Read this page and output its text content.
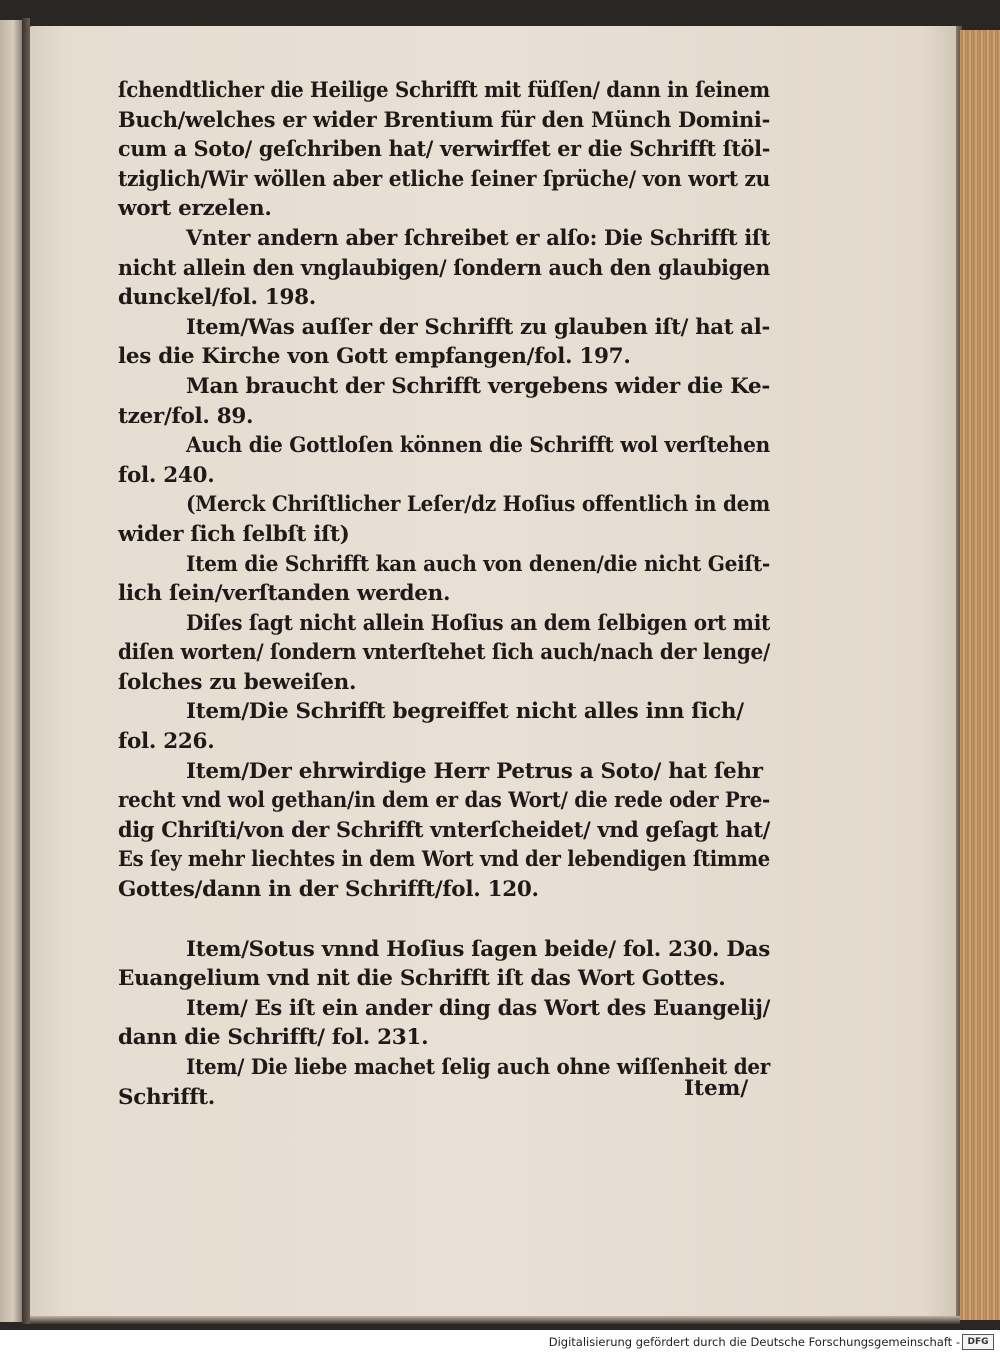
ſchendtlicher die Heilige Schrifft mit füſſen/ dann in ſeinem
Buch/welches er wider Brentium für den Münch Domini-
cum a Soto/ geſchriben hat/ verwirffet er die Schrifft ſtöl-
tziglich/Wir wöllen aber etliche ſeiner ſprüche/ von wort zu
wort erzelen.
Vnter andern aber ſchreibet er alſo: Die Schrifft iſt
nicht allein den vnglaubigen/ ſondern auch den glaubigen
dunckel/fol. 198.
Item/Was auſſer der Schrifft zu glauben iſt/ hat al-
les die Kirche von Gott empfangen/fol. 197.
Man braucht der Schrifft vergebens wider die Ke-
tzer/fol. 89.
Auch die Gottloſen können die Schrifft wol verſtehen
fol. 240.
(Merck Chriſtlicher Leſer/dz Hoſius offentlich in dem
wider ſich ſelbſt iſt)
Item die Schrifft kan auch von denen/die nicht Geiſt-
lich ſein/verſtanden werden.
Diſes ſagt nicht allein Hoſius an dem ſelbigen ort mit
diſen worten/ ſondern vnterſtehet ſich auch/nach der lenge/
ſolches zu beweiſen.
Item/Die Schrifft begreiffet nicht alles inn ſich/
fol. 226.
Item/Der ehrwirdige Herr Petrus a Soto/ hat ſehr
recht vnd wol gethan/in dem er das Wort/ die rede oder Pre-
dig Chriſti/von der Schrifft vnterſcheidet/ vnd geſagt hat/
Es ſey mehr liechtes in dem Wort vnd der lebendigen ſtimme
Gottes/dann in der Schrifft/fol. 120.
Item/Sotus vnnd Hoſius ſagen beide/ fol. 230. Das
Euangelium vnd nit die Schrifft iſt das Wort Gottes.
Item/ Es iſt ein ander ding das Wort des Euangelij/
dann die Schrifft/ fol. 231.
Item/ Die liebe machet ſelig auch ohne wiſſenheit der
Schrifft.	Item/
Digitalisierung gefördert durch die Deutsche Forschungsgemeinschaft - DFG
